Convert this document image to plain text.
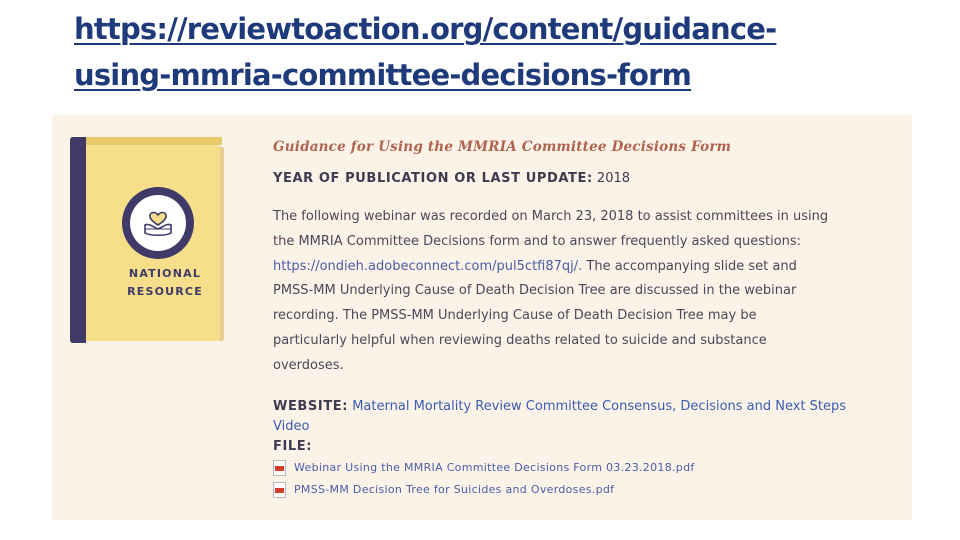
https://reviewtoaction.org/content/guidance-
using-mmria-committee-decisions-form
NATIONAL
RESOURCE
Guidance for Using the MMRIA Committee Decisions Form
YEAR OF PUBLICATION OR LAST UPDATE: 2018
The following webinar was recorded on March 23, 2018 to assist committees in using
the MMRIA Committee Decisions form and to answer frequently asked questions:
https://ondieh.adobeconnect.com/pul5ctfi87qj/. The accompanying slide set and
PMSS-MM Underlying Cause of Death Decision Tree are discussed in the webinar
recording. The PMSS-MM Underlying Cause of Death Decision Tree may be
particularly helpful when reviewing deaths related to suicide and substance
overdoses.
WEBSITE: Maternal Mortality Review Committee Consensus, Decisions and Next Steps Video
FILE:
Webinar Using the MMRIA Committee Decisions Form 03.23.2018.pdf
PMSS-MM Decision Tree for Suicides and Overdoses.pdf
